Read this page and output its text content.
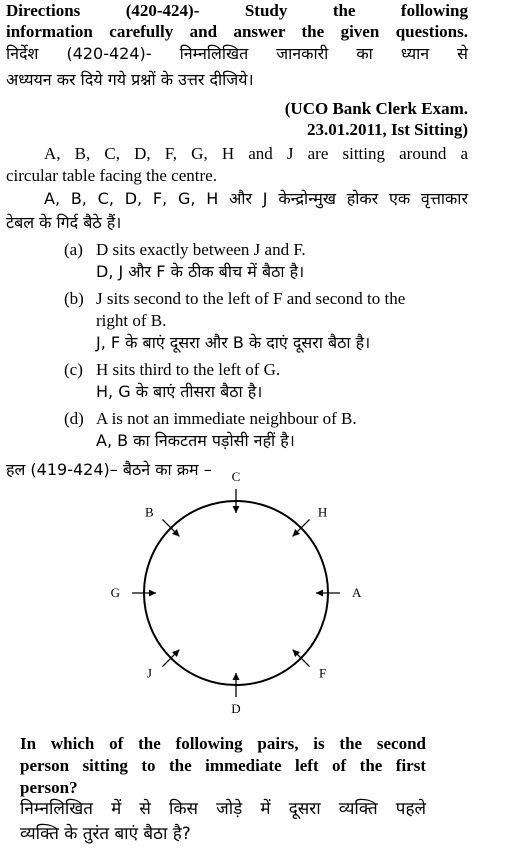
Directions (420-424)- Study the following
information carefully and answer the given questions.
निर्देश (420-424)- निम्नलिखित जानकारी का ध्यान से
अध्ययन कर दिये गये प्रश्नों के उत्तर दीजिये।
(UCO Bank Clerk Exam.
23.01.2011, Ist Sitting)
A, B, C, D, F, G, H and J are sitting around a
circular table facing the centre.
A, B, C, D, F, G, H और J केन्द्रोन्मुख होकर एक वृत्ताकार
टेबल के गिर्द बैठे हैं।
(a) D sits exactly between J and F.
D, J और F के ठीक बीच में बैठा है।
(b) J sits second to the left of F and second to the
right of B.
J, F के बाएं दूसरा और B के दाएं दूसरा बैठा है।
(c) H sits third to the left of G.
H, G के बाएं तीसरा बैठा है।
(d) A is not an immediate neighbour of B.
A, B का निकटतम पड़ोसी नहीं है।
हल (419-424)– बैठने का क्रम –	C
H
A
F
D
J
G
B
In which of the following pairs, is the second
person sitting to the immediate left of the first
person?
निम्नलिखित में से किस जोड़े में दूसरा व्यक्ति पहले
व्यक्ति के तुरंत बाएं बैठा है?
